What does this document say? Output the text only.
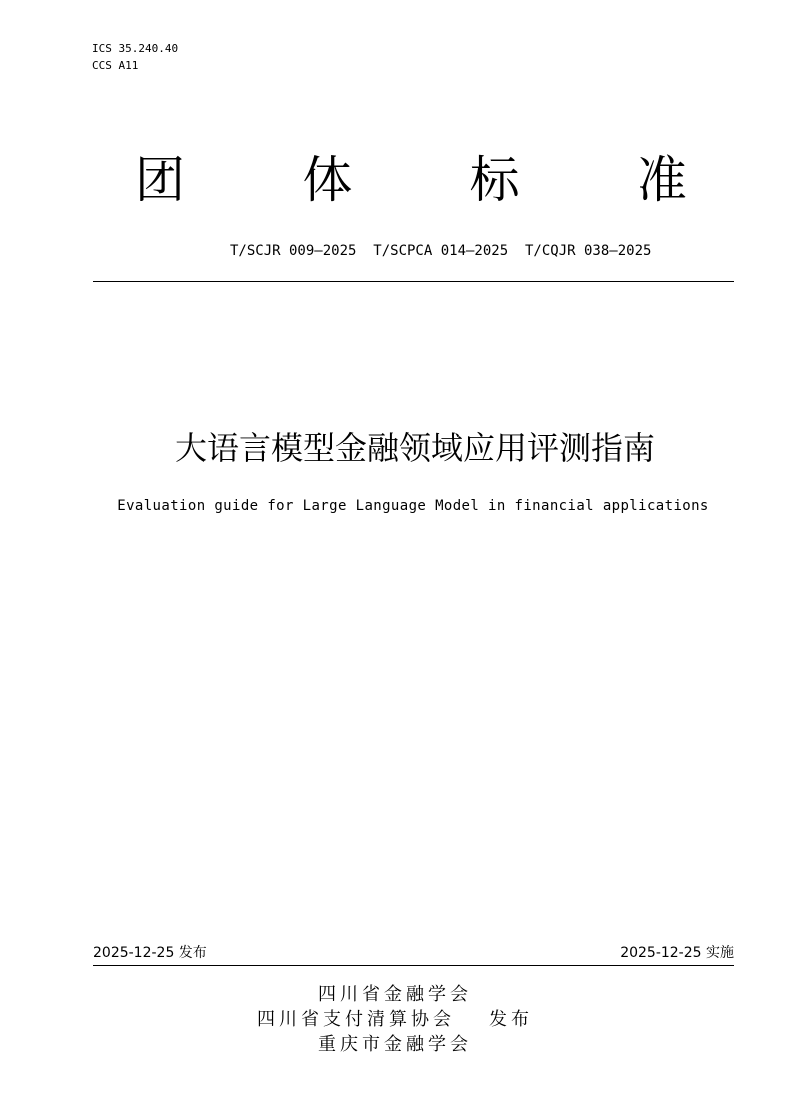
ICS 35.240.40
CCS A11
团 体 标 准
T/SCJR 009—2025  T/SCPCA 014—2025  T/CQJR 038—2025
大语言模型金融领域应用评测指南
Evaluation guide for Large Language Model in financial applications
2025-12-25 发布	2025-12-25 实施
四川省金融学会
四川省支付清算协会 发布
重庆市金融学会
